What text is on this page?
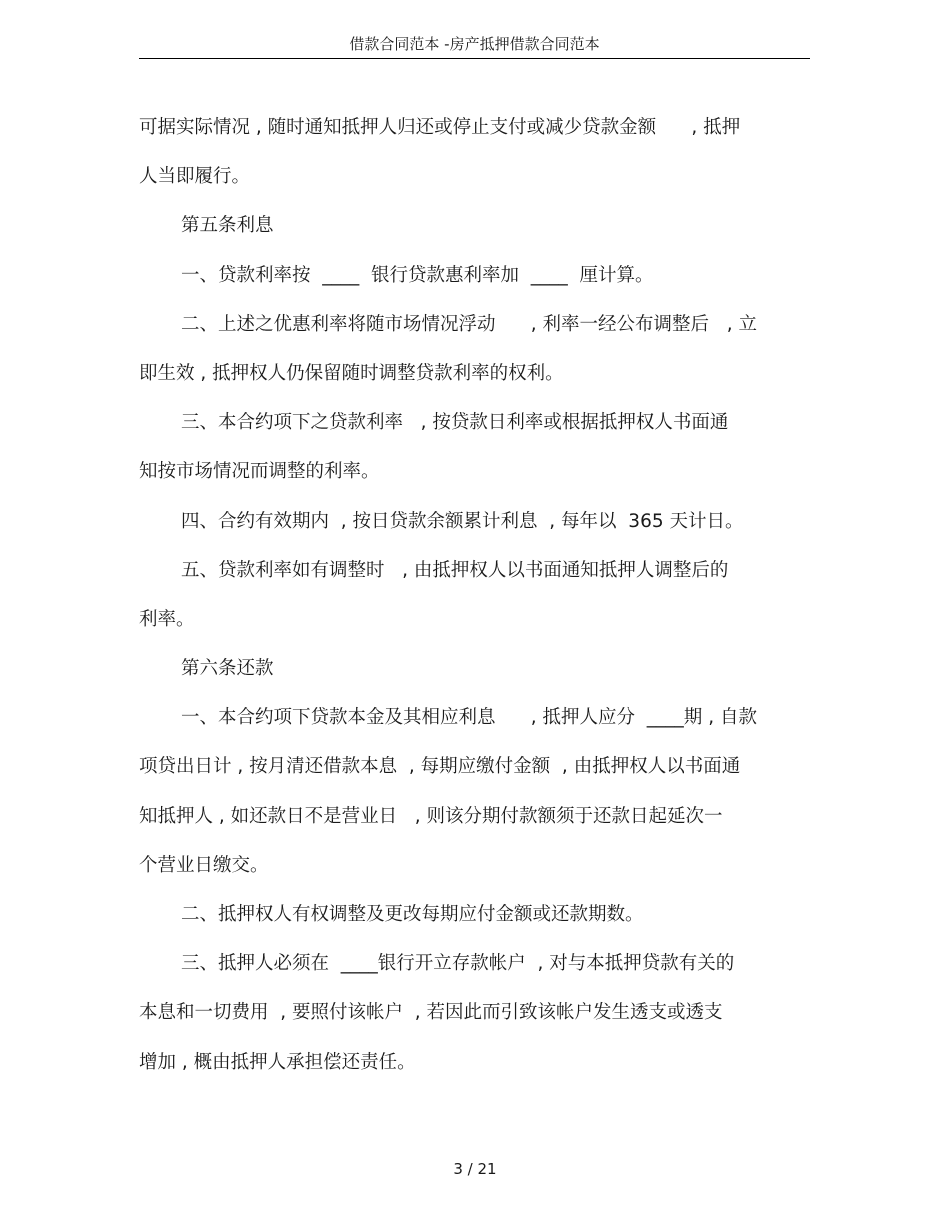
借款合同范本 -房产抵押借款合同范本
可据实际情况 , 随时通知抵押人归还或停止支付或减少贷款金额      , 抵押
人当即履行。
第五条利息
一、贷款利率按  ____  银行贷款惠利率加  ____  厘计算。
二、上述之优惠利率将随市场情况浮动      , 利率一经公布调整后   , 立
即生效 , 抵押权人仍保留随时调整贷款利率的权利。
三、本合约项下之贷款利率   , 按贷款日利率或根据抵押权人书面通
知按市场情况而调整的利率。
四、合约有效期内  , 按日贷款余额累计利息  , 每年以  365 天计日。
五、贷款利率如有调整时   , 由抵押权人以书面通知抵押人调整后的
利率。
第六条还款
一、本合约项下贷款本金及其相应利息      , 抵押人应分  ____期 , 自款
项贷出日计 , 按月清还借款本息  , 每期应缴付金额  , 由抵押权人以书面通
知抵押人 , 如还款日不是营业日   , 则该分期付款额须于还款日起延次一
个营业日缴交。
二、抵押权人有权调整及更改每期应付金额或还款期数。
三、抵押人必须在  ____银行开立存款帐户  , 对与本抵押贷款有关的
本息和一切费用  , 要照付该帐户  , 若因此而引致该帐户发生透支或透支
增加 , 概由抵押人承担偿还责任。
3 / 21
